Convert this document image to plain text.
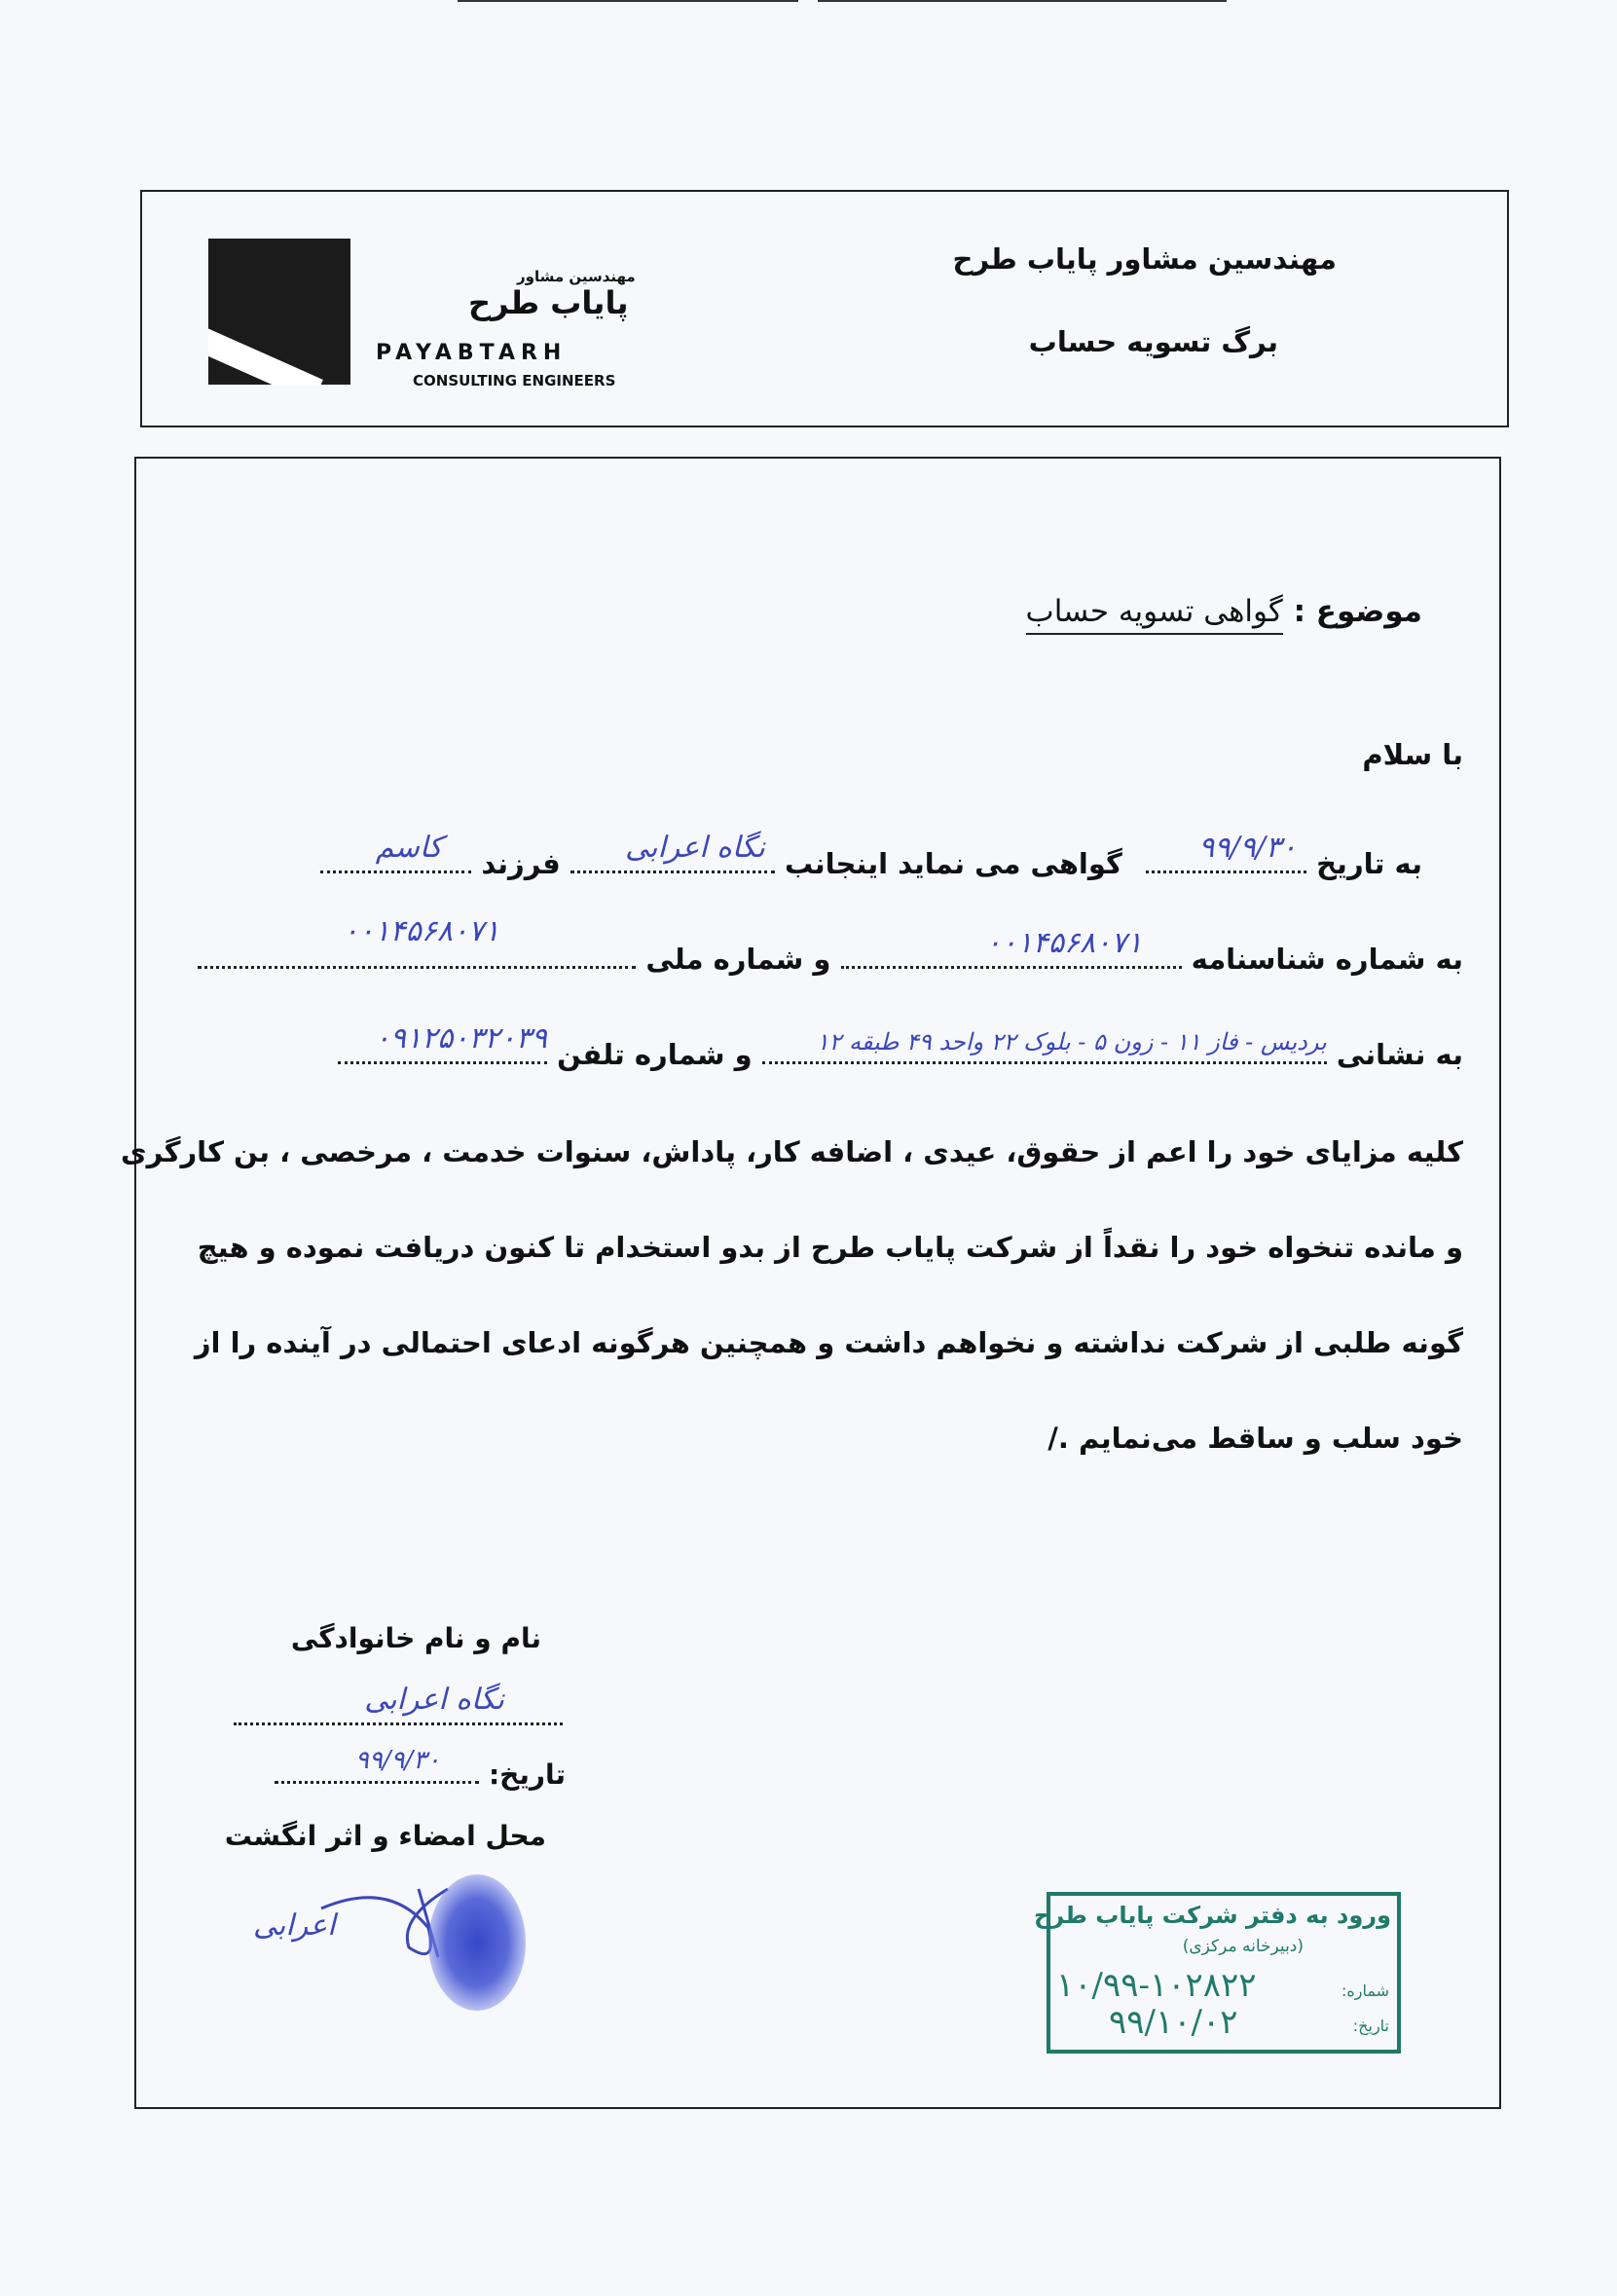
مهندسین مشاور
پایاب طرح
PAYABTARH
CONSULTING ENGINEERS
مهندسین مشاور پایاب طرح
برگ تسویه حساب
موضوع : گواهی تسویه حساب
با سلام
به تاریخ
۹۹/۹/۳۰
گواهی می نماید اینجانب
نگاه اعرابی
فرزند
کاسم
به شماره شناسنامه
۰۰۱۴۵۶۸۰۷۱
و شماره ملی
۰۰۱۴۵۶۸۰۷۱
به نشانی
بردیس - فاز ۱۱ - زون ۵ - بلوک ۲۲ واحد ۴۹ طبقه ۱۲
و شماره تلفن
۰۹۱۲۵۰۳۲۰۳۹
کلیه مزایای خود را اعم از حقوق، عیدی ، اضافه کار، پاداش، سنوات خدمت ، مرخصی ، بن کارگری
و مانده تنخواه خود را نقداً از شرکت پایاب طرح از بدو استخدام تا کنون دریافت نموده و هیچ
گونه طلبی از شرکت نداشته و نخواهم داشت و همچنین هرگونه ادعای احتمالی در آینده را از
خود سلب و ساقط می‌نمایم ./
نام و نام خانوادگی
نگاه اعرابی
تاریخ:
۹۹/۹/۳۰
محل امضاء و اثر انگشت
اعرابی	ورود به دفتر شرکت پایاب طرح
(دبیرخانه مرکزی)
شماره:
۱۰/۹۹-۱۰۲۸۲۲
تاریخ:
۹۹/۱۰/۰۲
